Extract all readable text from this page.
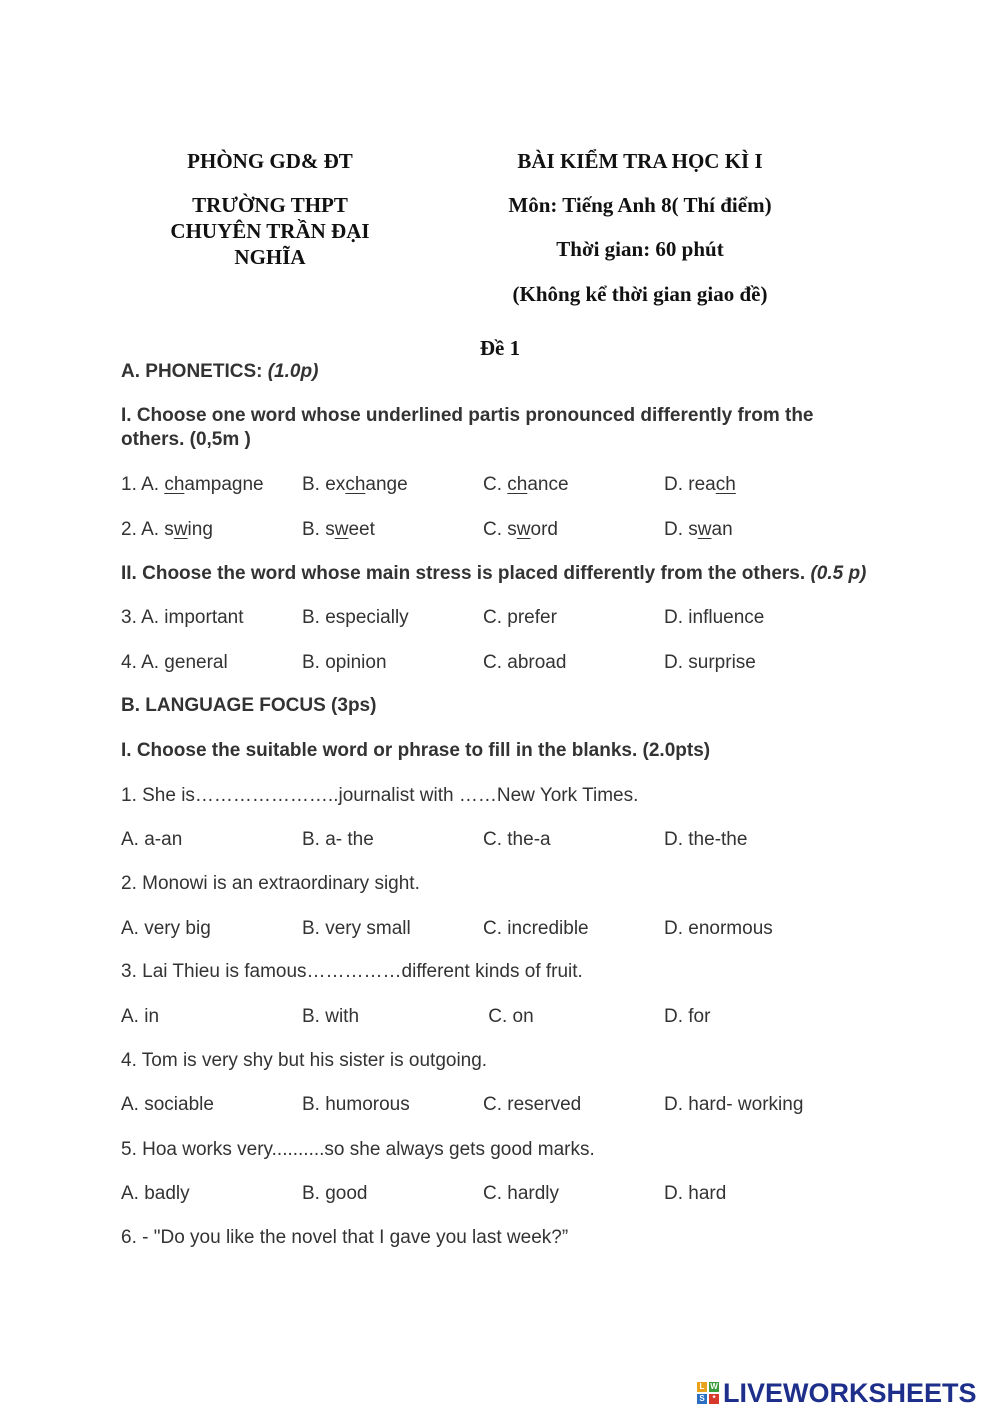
PHÒNG GD& ĐT
TRƯỜNG THPT
CHUYÊN TRẦN ĐẠI
NGHĨA
BÀI KIỂM TRA HỌC KÌ I
Môn: Tiếng Anh 8( Thí điểm)
Thời gian: 60 phút
(Không kể thời gian giao đề)
Đề 1
A. PHONETICS: (1.0p)
I. Choose one word whose underlined partis pronounced differently from the
others. (0,5m )
1. A. champagne B. exchange	C. chance	D. reach
2. A. swing	B. sweet	C. sword	D. swan
II. Choose the word whose main stress is placed differently from the others. (0.5 p)
3. A. important	B. especially	C. prefer	D. influence
4. A. general	B. opinion	C. abroad	D. surprise
B. LANGUAGE FOCUS (3ps)
I. Choose the suitable word or phrase to fill in the blanks. (2.0pts)
1. She is…………………..journalist with ……New York Times.
A. a-an	B. a- the	C. the-a	D. the-the
2. Monowi is an extraordinary sight.
A. very big	B. very small	C. incredible	D. enormous
3. Lai Thieu is famous……………different kinds of fruit.
A. in	B. with	C. on	D. for
4. Tom is very shy but his sister is outgoing.
A. sociable	B. humorous	C. reserved	D. hard- working
5. Hoa works very..........so she always gets good marks.
A. badly	B. good	C. hardly	D. hard
6. - "Do you like the novel that I gave you last week?”
L W
S * LIVEWORKSHEETS
